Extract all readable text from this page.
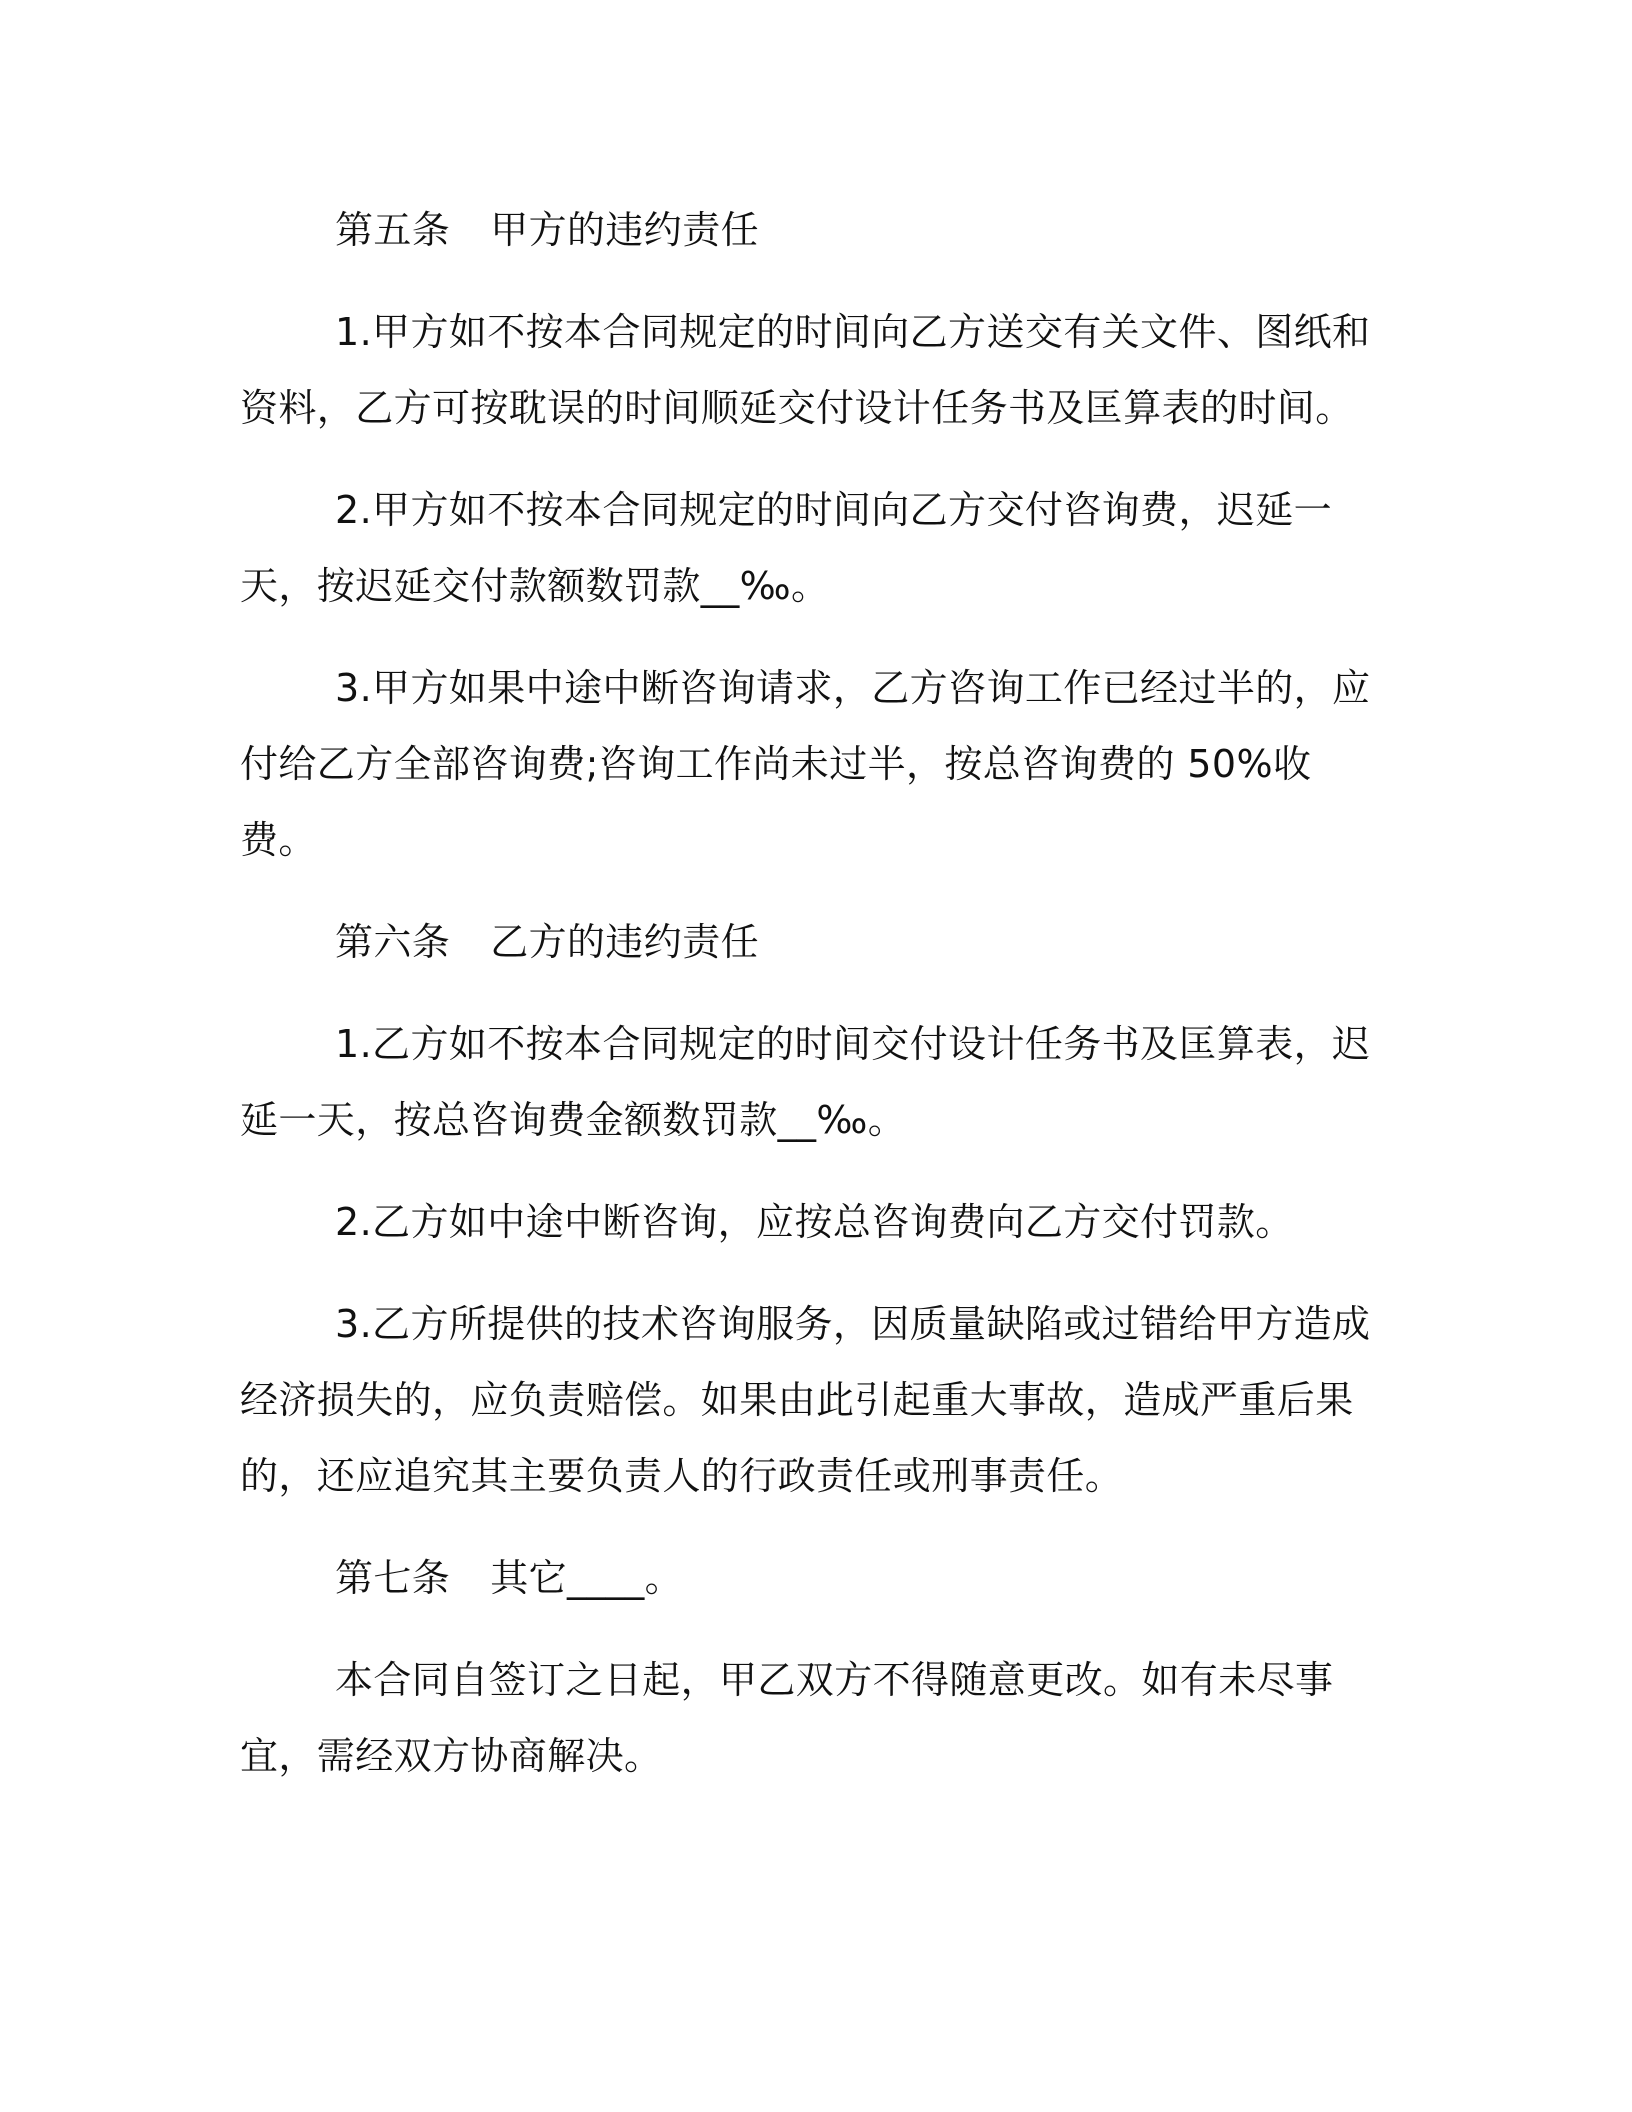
第五条 甲方的违约责任

1.甲方如不按本合同规定的时间向乙方送交有关文件、图纸和资料，乙方可按耽误的时间顺延交付设计任务书及匡算表的时间。

2.甲方如不按本合同规定的时间向乙方交付咨询费，迟延一天，按迟延交付款额数罚款__‰。

3.甲方如果中途中断咨询请求，乙方咨询工作已经过半的，应付给乙方全部咨询费;咨询工作尚未过半，按总咨询费的 50%收费。

第六条 乙方的违约责任

1.乙方如不按本合同规定的时间交付设计任务书及匡算表，迟延一天，按总咨询费金额数罚款__‰。

2.乙方如中途中断咨询，应按总咨询费向乙方交付罚款。

3.乙方所提供的技术咨询服务，因质量缺陷或过错给甲方造成经济损失的，应负责赔偿。如果由此引起重大事故，造成严重后果的，还应追究其主要负责人的行政责任或刑事责任。

第七条 其它____。

本合同自签订之日起，甲乙双方不得随意更改。如有未尽事宜，需经双方协商解决。
